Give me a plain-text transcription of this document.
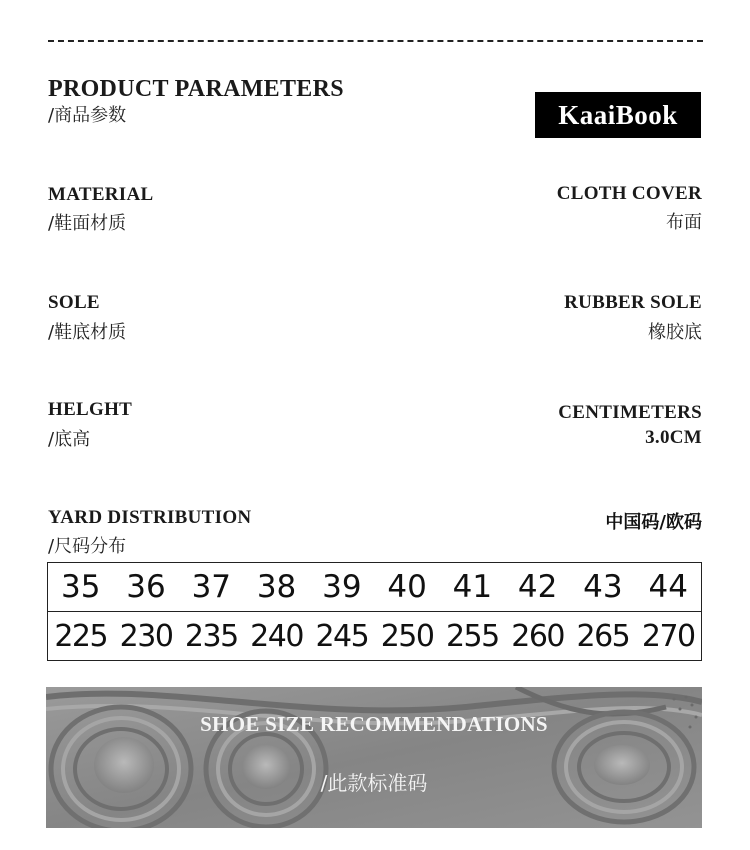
PRODUCT PARAMETERS
/商品参数	KaaiBook
MATERIAL
/鞋面材质
CLOTH COVER
布面
SOLE
/鞋底材质
RUBBER SOLE
橡胶底
HELGHT
/底高
CENTIMETERS
3.0CM
YARD DISTRIBUTION
/尺码分布
中国码/欧码
35	36	37	38	39	40	41	42	43	44
225	230	235	240	245	250	255	260	265	270
SHOE SIZE RECOMMENDATIONS
/此款标准码
